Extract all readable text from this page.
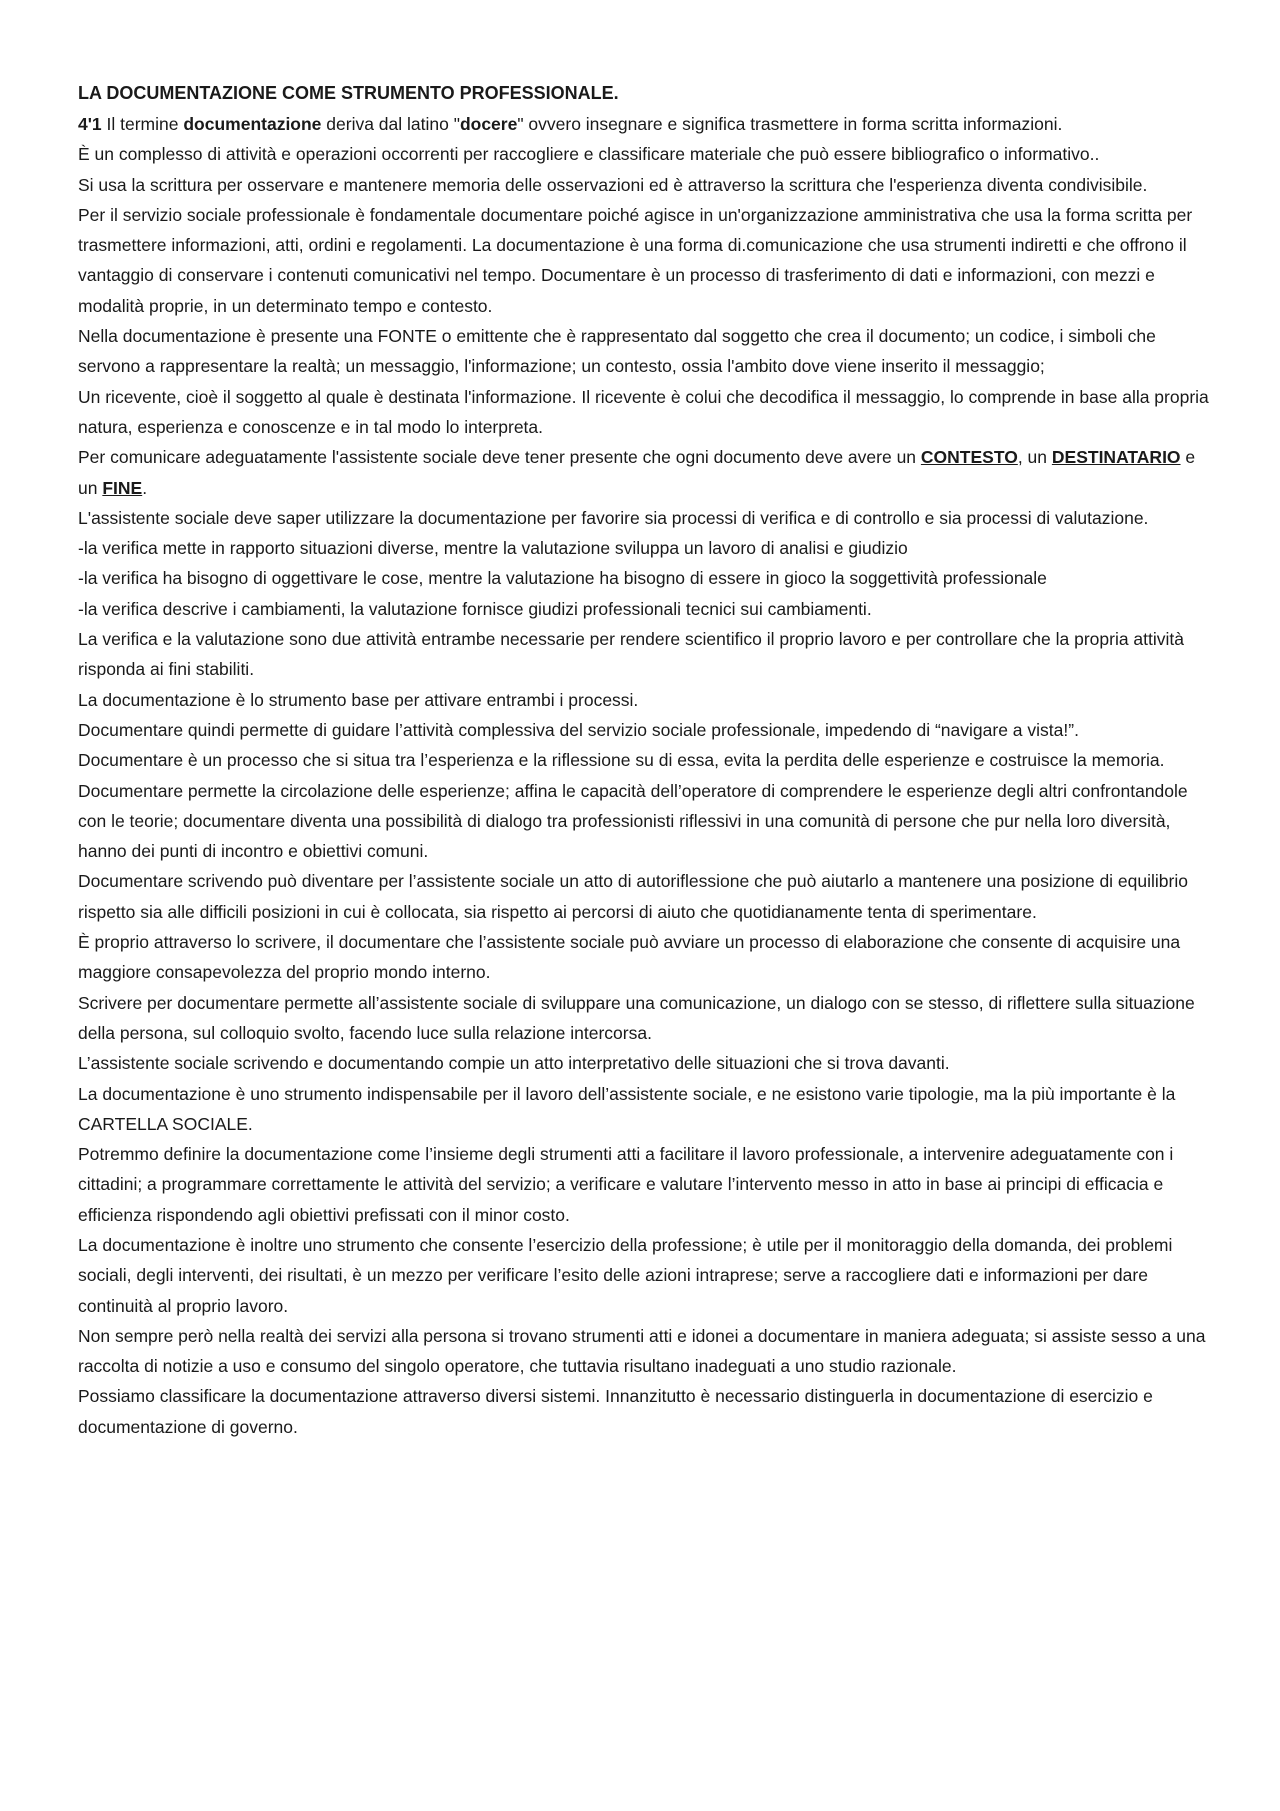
LA DOCUMENTAZIONE COME STRUMENTO PROFESSIONALE.

4'1 Il termine documentazione deriva dal latino "docere" ovvero insegnare e significa trasmettere in forma scritta informazioni.

È un complesso di attività e operazioni occorrenti per raccogliere e classificare materiale che può essere bibliografico o informativo..

Si usa la scrittura per osservare e mantenere memoria delle osservazioni ed è attraverso la scrittura che l'esperienza diventa condivisibile.

Per il servizio sociale professionale è fondamentale documentare poiché agisce in un'organizzazione amministrativa che usa la forma scritta per trasmettere informazioni, atti, ordini e regolamenti. La documentazione è una forma di.comunicazione che usa strumenti indiretti e che offrono il vantaggio di conservare i contenuti comunicativi nel tempo. Documentare è un processo di trasferimento di dati e informazioni, con mezzi e modalità proprie, in un determinato tempo e contesto.

Nella documentazione è presente una FONTE o emittente che è rappresentato dal soggetto che crea il documento; un codice, i simboli che servono a rappresentare la realtà; un messaggio, l'informazione; un contesto, ossia l'ambito dove viene inserito il messaggio;

Un ricevente, cioè il soggetto al quale è destinata l'informazione. Il ricevente è colui che decodifica il messaggio, lo comprende in base alla propria natura, esperienza e conoscenze e in tal modo lo interpreta.

Per comunicare adeguatamente l'assistente sociale deve tener presente che ogni documento deve avere un CONTESTO, un DESTINATARIO e un FINE.

L'assistente sociale deve saper utilizzare la documentazione per favorire sia processi di verifica e di controllo e sia processi di valutazione.

-la verifica mette in rapporto situazioni diverse, mentre la valutazione sviluppa un lavoro di analisi e giudizio

-la verifica ha bisogno di oggettivare le cose, mentre la valutazione ha bisogno di essere in gioco la soggettività professionale

-la verifica descrive i cambiamenti, la valutazione fornisce giudizi professionali tecnici sui cambiamenti.

La verifica e la valutazione sono due attività entrambe necessarie per rendere scientifico il proprio lavoro e per controllare che la propria attività risponda ai fini stabiliti.

La documentazione è lo strumento base per attivare entrambi i processi.

Documentare quindi permette di guidare l’attività complessiva del servizio sociale professionale, impedendo di “navigare a vista!”.

Documentare è un processo che si situa tra l’esperienza e la riflessione su di essa, evita la perdita delle esperienze e costruisce la memoria.

Documentare permette la circolazione delle esperienze; affina le capacità dell’operatore di comprendere le esperienze degli altri confrontandole con le teorie; documentare diventa una possibilità di dialogo tra professionisti riflessivi in una comunità di persone che pur nella loro diversità, hanno dei punti di incontro e obiettivi comuni.

Documentare scrivendo può diventare per l’assistente sociale un atto di autoriflessione che può aiutarlo a mantenere una posizione di equilibrio rispetto sia alle difficili posizioni in cui è collocata, sia rispetto ai percorsi di aiuto che quotidianamente tenta di sperimentare.

È proprio attraverso lo scrivere, il documentare che l’assistente sociale può avviare un processo di elaborazione che consente di acquisire una maggiore consapevolezza del proprio mondo interno.

Scrivere per documentare permette all’assistente sociale di sviluppare una comunicazione, un dialogo con se stesso, di riflettere sulla situazione della persona, sul colloquio svolto, facendo luce sulla relazione intercorsa.

L’assistente sociale scrivendo e documentando compie un atto interpretativo delle situazioni che si trova davanti.

La documentazione è uno strumento indispensabile per il lavoro dell’assistente sociale, e ne esistono varie tipologie, ma la più importante è la CARTELLA SOCIALE.

Potremmo definire la documentazione come l’insieme degli strumenti atti a facilitare il lavoro professionale, a intervenire adeguatamente con i cittadini; a programmare correttamente le attività del servizio; a verificare e valutare l’intervento messo in atto in base ai principi di efficacia e efficienza rispondendo agli obiettivi prefissati con il minor costo.

La documentazione è inoltre uno strumento che consente l’esercizio della professione; è utile per il monitoraggio della domanda, dei problemi sociali, degli interventi, dei risultati, è un mezzo per verificare l’esito delle azioni intraprese; serve a raccogliere dati e informazioni per dare continuità al proprio lavoro.

Non sempre però nella realtà dei servizi alla persona si trovano strumenti atti e idonei a documentare in maniera adeguata; si assiste sesso a una raccolta di notizie a uso e consumo del singolo operatore, che tuttavia risultano inadeguati a uno studio razionale.

Possiamo classificare la documentazione attraverso diversi sistemi. Innanzitutto è necessario distinguerla in documentazione di esercizio e documentazione di governo.
